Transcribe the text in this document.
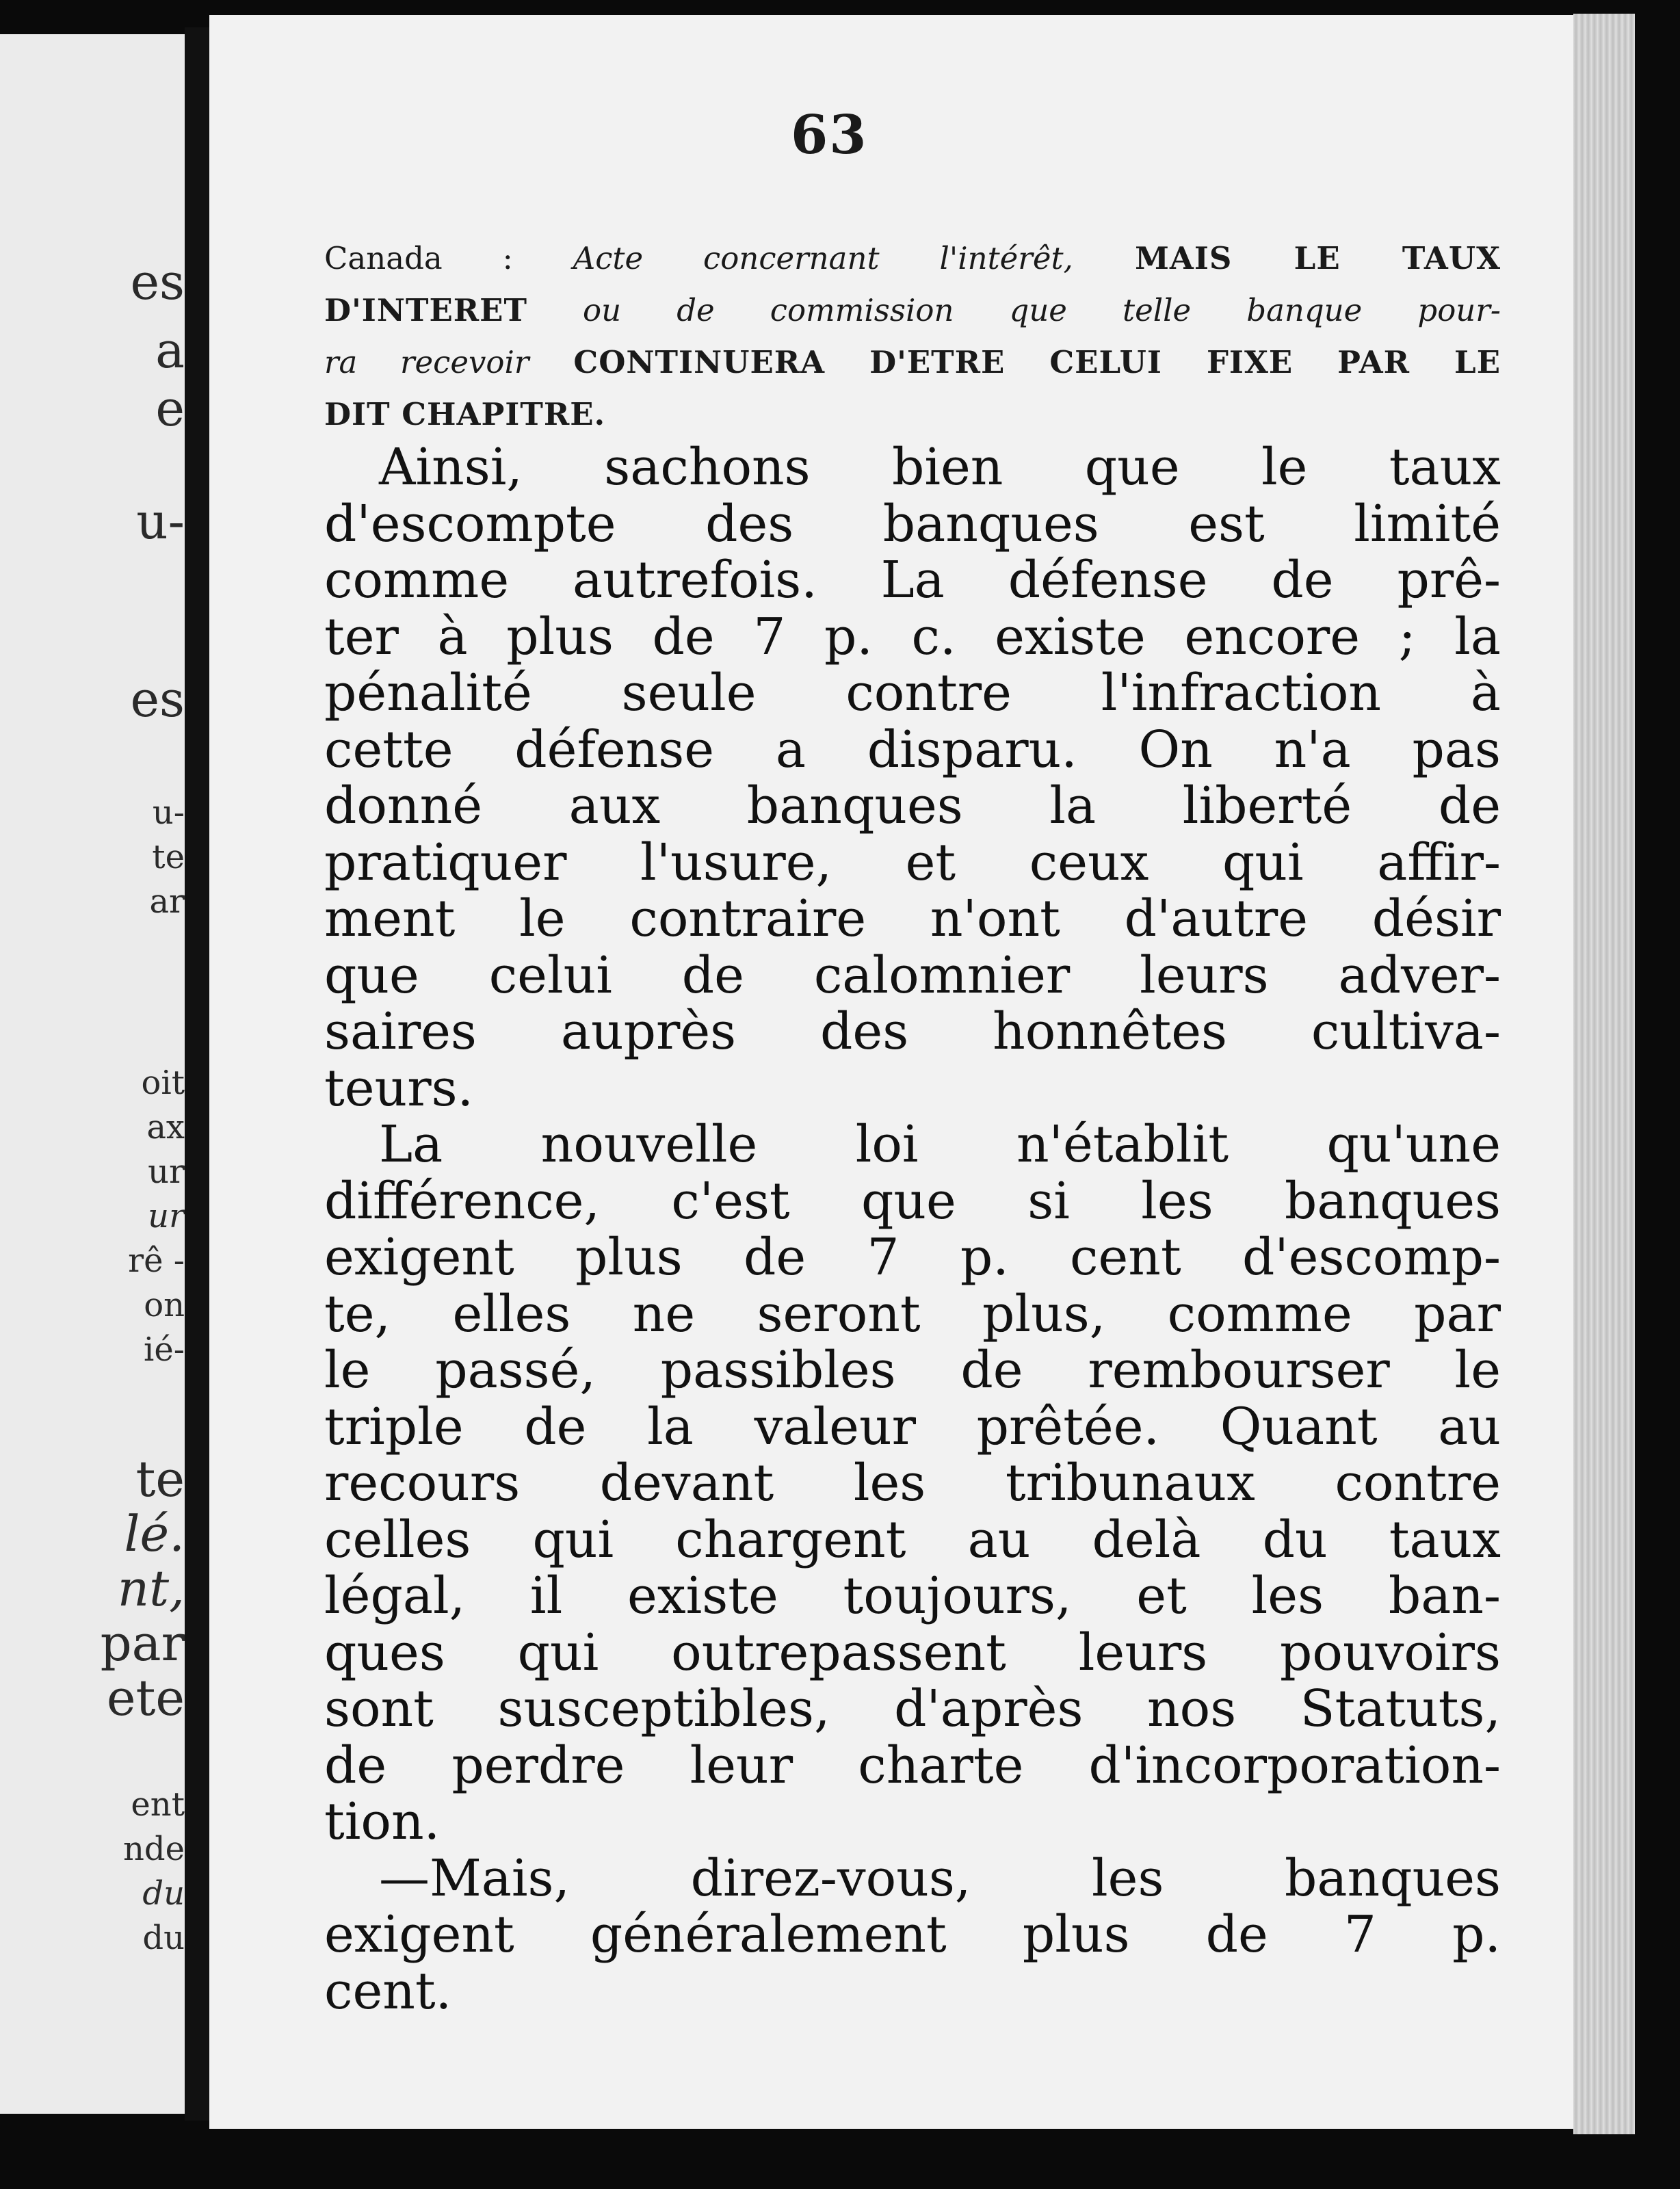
es
a
e
u-
es
u-
te
ar
oit
ax
ur
ur
rê -
on
ié-
te
lé.
nt,
par
ete
ent
nde
du
du
63
Canada : Acte concernant l'intérêt, MAIS LE TAUX
D'INTERET ou de commission que telle banque pour-
ra recevoir CONTINUERA D'ETRE CELUI FIXE PAR LE
DIT CHAPITRE.
Ainsi, sachons bien que le taux
d'escompte des banques est limité
comme autrefois. La défense de prê-
ter à plus de 7 p. c. existe encore ; la
pénalité seule contre l'infraction à
cette défense a disparu. On n'a pas
donné aux banques la liberté de
pratiquer l'usure, et ceux qui affir-
ment le contraire n'ont d'autre désir
que celui de calomnier leurs adver-
saires auprès des honnêtes cultiva-
teurs.
La nouvelle loi n'établit qu'une
différence, c'est que si les banques
exigent plus de 7 p. cent d'escomp-
te, elles ne seront plus, comme par
le passé, passibles de rembourser le
triple de la valeur prêtée. Quant au
recours devant les tribunaux contre
celles qui chargent au delà du taux
légal, il existe toujours, et les ban-
ques qui outrepassent leurs pouvoirs
sont susceptibles, d'après nos Statuts,
de perdre leur charte d'incorporation-
tion.
—Mais, direz-vous, les banques
exigent généralement plus de 7 p.
cent.
